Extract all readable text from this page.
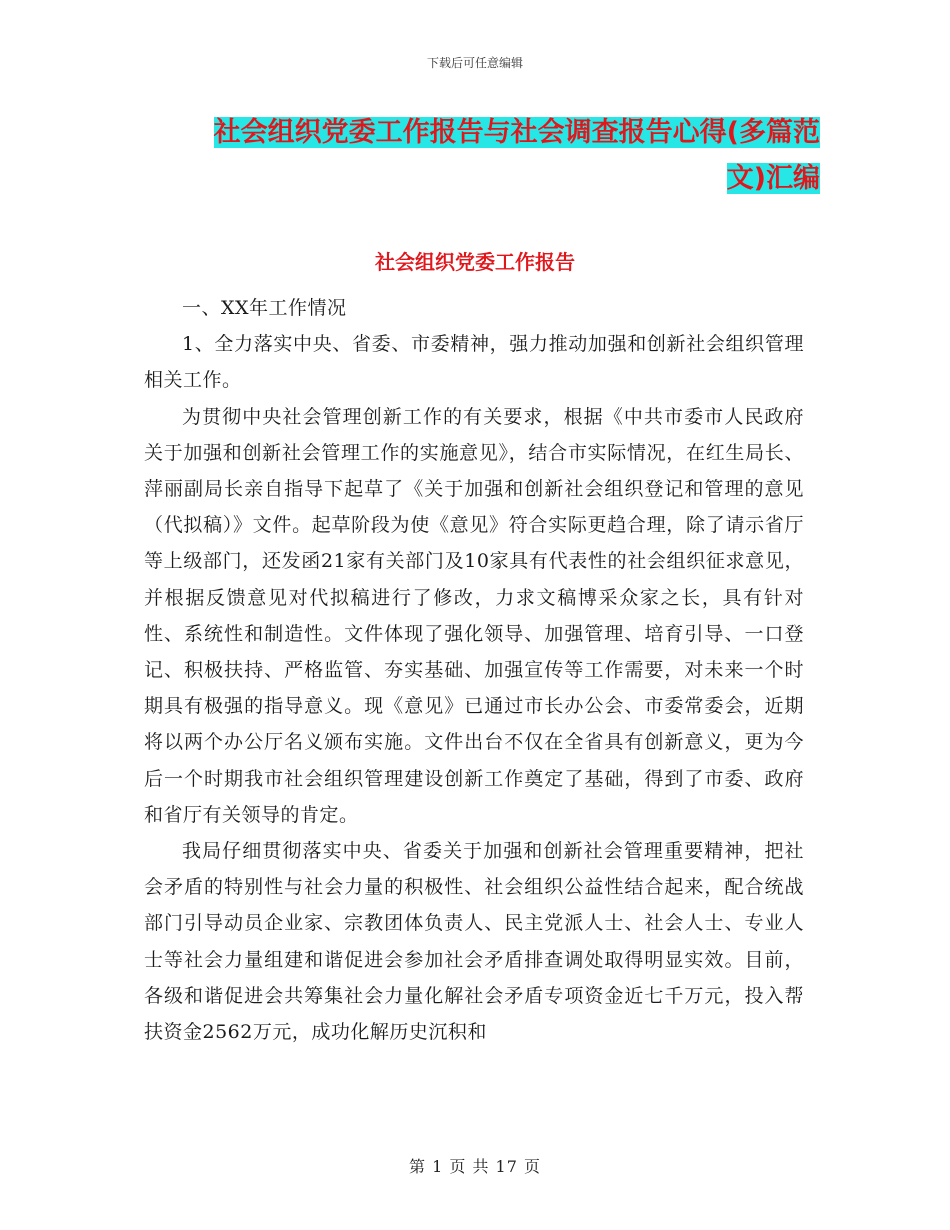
下载后可任意编辑
社会组织党委工作报告与社会调查报告心得(多篇范文)汇编
社会组织党委工作报告

一、XX年工作情况

1、全力落实中央、省委、市委精神，强力推动加强和创新社会组织管理相关工作。

为贯彻中央社会管理创新工作的有关要求，根据《中共市委市人民政府关于加强和创新社会管理工作的实施意见》，结合市实际情况，在红生局长、萍丽副局长亲自指导下起草了《关于加强和创新社会组织登记和管理的意见（代拟稿）》文件。起草阶段为使《意见》符合实际更趋合理，除了请示省厅等上级部门，还发函21家有关部门及10家具有代表性的社会组织征求意见，并根据反馈意见对代拟稿进行了修改，力求文稿博采众家之长，具有针对性、系统性和制造性。文件体现了强化领导、加强管理、培育引导、一口登记、积极扶持、严格监管、夯实基础、加强宣传等工作需要，对未来一个时期具有极强的指导意义。现《意见》已通过市长办公会、市委常委会，近期将以两个办公厅名义颁布实施。文件出台不仅在全省具有创新意义，更为今后一个时期我市社会组织管理建设创新工作奠定了基础，得到了市委、政府和省厅有关领导的肯定。

我局仔细贯彻落实中央、省委关于加强和创新社会管理重要精神，把社会矛盾的特别性与社会力量的积极性、社会组织公益性结合起来，配合统战部门引导动员企业家、宗教团体负责人、民主党派人士、社会人士、专业人士等社会力量组建和谐促进会参加社会矛盾排查调处取得明显实效。目前，各级和谐促进会共筹集社会力量化解社会矛盾专项资金近七千万元，投入帮扶资金2562万元，成功化解历史沉积和

第 1 页 共 17 页
